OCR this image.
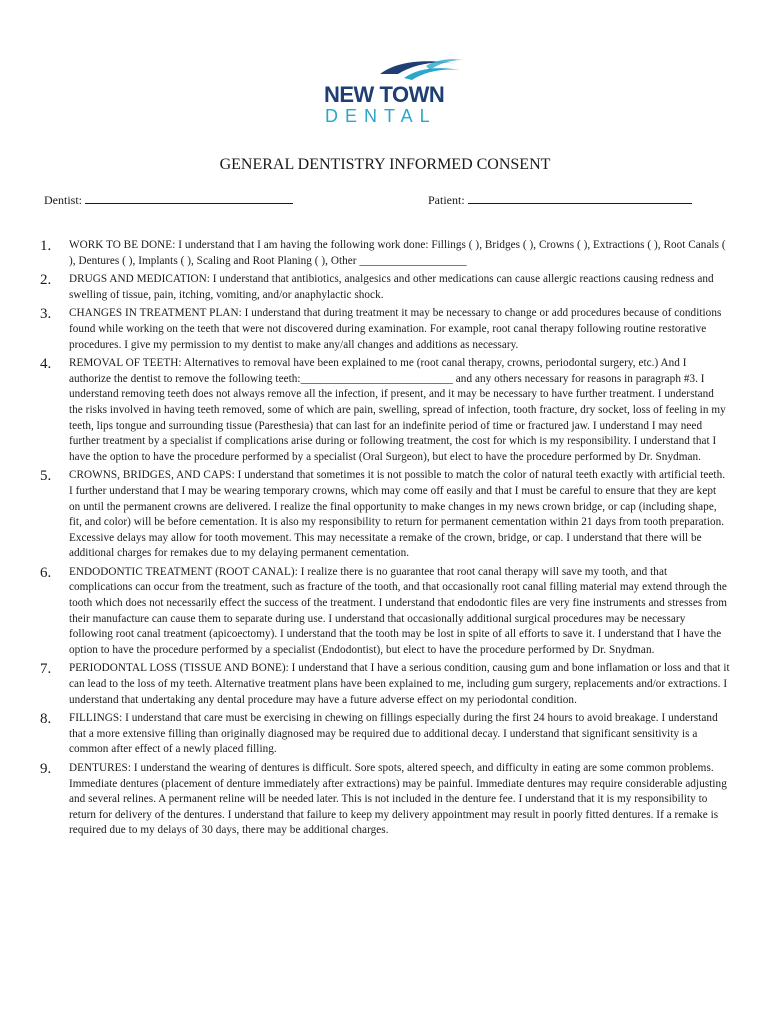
NEW TOWN
DENTAL
GENERAL DENTISTRY INFORMED CONSENT
Dentist:	Patient:
1.	WORK TO BE DONE: I understand that I am having the following work done: Fillings ( ), Bridges ( ), Crowns ( ), Extractions ( ), Root Canals ( ), Dentures ( ), Implants ( ), Scaling and Root Planing ( ), Other ___________________
2.	DRUGS AND MEDICATION: I understand that antibiotics, analgesics and other medications can cause allergic reactions causing redness and swelling of tissue, pain, itching, vomiting, and/or anaphylactic shock.
3.	CHANGES IN TREATMENT PLAN: I understand that during treatment it may be necessary to change or add procedures because of conditions found while working on the teeth that were not discovered during examination. For example, root canal therapy following routine restorative procedures. I give my permission to my dentist to make any/all changes and additions as necessary.
4.	REMOVAL OF TEETH: Alternatives to removal have been explained to me (root canal therapy, crowns, periodontal surgery, etc.) And I authorize the dentist to remove the following teeth:___________________________ and any others necessary for reasons in paragraph #3. I understand removing teeth does not always remove all the infection, if present, and it may be necessary to have further treatment. I understand the risks involved in having teeth removed, some of which are pain, swelling, spread of infection, tooth fracture, dry socket, loss of feeling in my teeth, lips tongue and surrounding tissue (Paresthesia) that can last for an indefinite period of time or fractured jaw. I understand I may need further treatment by a specialist if complications arise during or following treatment, the cost for which is my responsibility. I understand that I have the option to have the procedure performed by a specialist (Oral Surgeon), but elect to have the procedure performed by Dr. Snydman.
5.	CROWNS, BRIDGES, AND CAPS: I understand that sometimes it is not possible to match the color of natural teeth exactly with artificial teeth. I further understand that I may be wearing temporary crowns, which may come off easily and that I must be careful to ensure that they are kept on until the permanent crowns are delivered. I realize the final opportunity to make changes in my news crown bridge, or cap (including shape, fit, and color) will be before cementation. It is also my responsibility to return for permanent cementation within 21 days from tooth preparation. Excessive delays may allow for tooth movement. This may necessitate a remake of the crown, bridge, or cap. I understand that there will be additional charges for remakes due to my delaying permanent cementation.
6.	ENDODONTIC TREATMENT (ROOT CANAL): I realize there is no guarantee that root canal therapy will save my tooth, and that complications can occur from the treatment, such as fracture of the tooth, and that occasionally root canal filling material may extend through the tooth which does not necessarily effect the success of the treatment. I understand that endodontic files are very fine instruments and stresses from their manufacture can cause them to separate during use. I understand that occasionally additional surgical procedures may be necessary following root canal treatment (apicoectomy). I understand that the tooth may be lost in spite of all efforts to save it. I understand that I have the option to have the procedure performed by a specialist (Endodontist), but elect to have the procedure performed by Dr. Snydman.
7.	PERIODONTAL LOSS (TISSUE AND BONE): I understand that I have a serious condition, causing gum and bone inflamation or loss and that it can lead to the loss of my teeth. Alternative treatment plans have been explained to me, including gum surgery, replacements and/or extractions. I understand that undertaking any dental procedure may have a future adverse effect on my periodontal condition.
8.	FILLINGS: I understand that care must be exercising in chewing on fillings especially during the first 24 hours to avoid breakage. I understand that a more extensive filling than originally diagnosed may be required due to additional decay. I understand that significant sensitivity is a common after effect of a newly placed filling.
9.	DENTURES: I understand the wearing of dentures is difficult. Sore spots, altered speech, and difficulty in eating are some common problems. Immediate dentures (placement of denture immediately after extractions) may be painful. Immediate dentures may require considerable adjusting and several relines. A permanent reline will be needed later. This is not included in the denture fee. I understand that it is my responsibility to return for delivery of the dentures. I understand that failure to keep my delivery appointment may result in poorly fitted dentures. If a remake is required due to my delays of 30 days, there may be additional charges.
